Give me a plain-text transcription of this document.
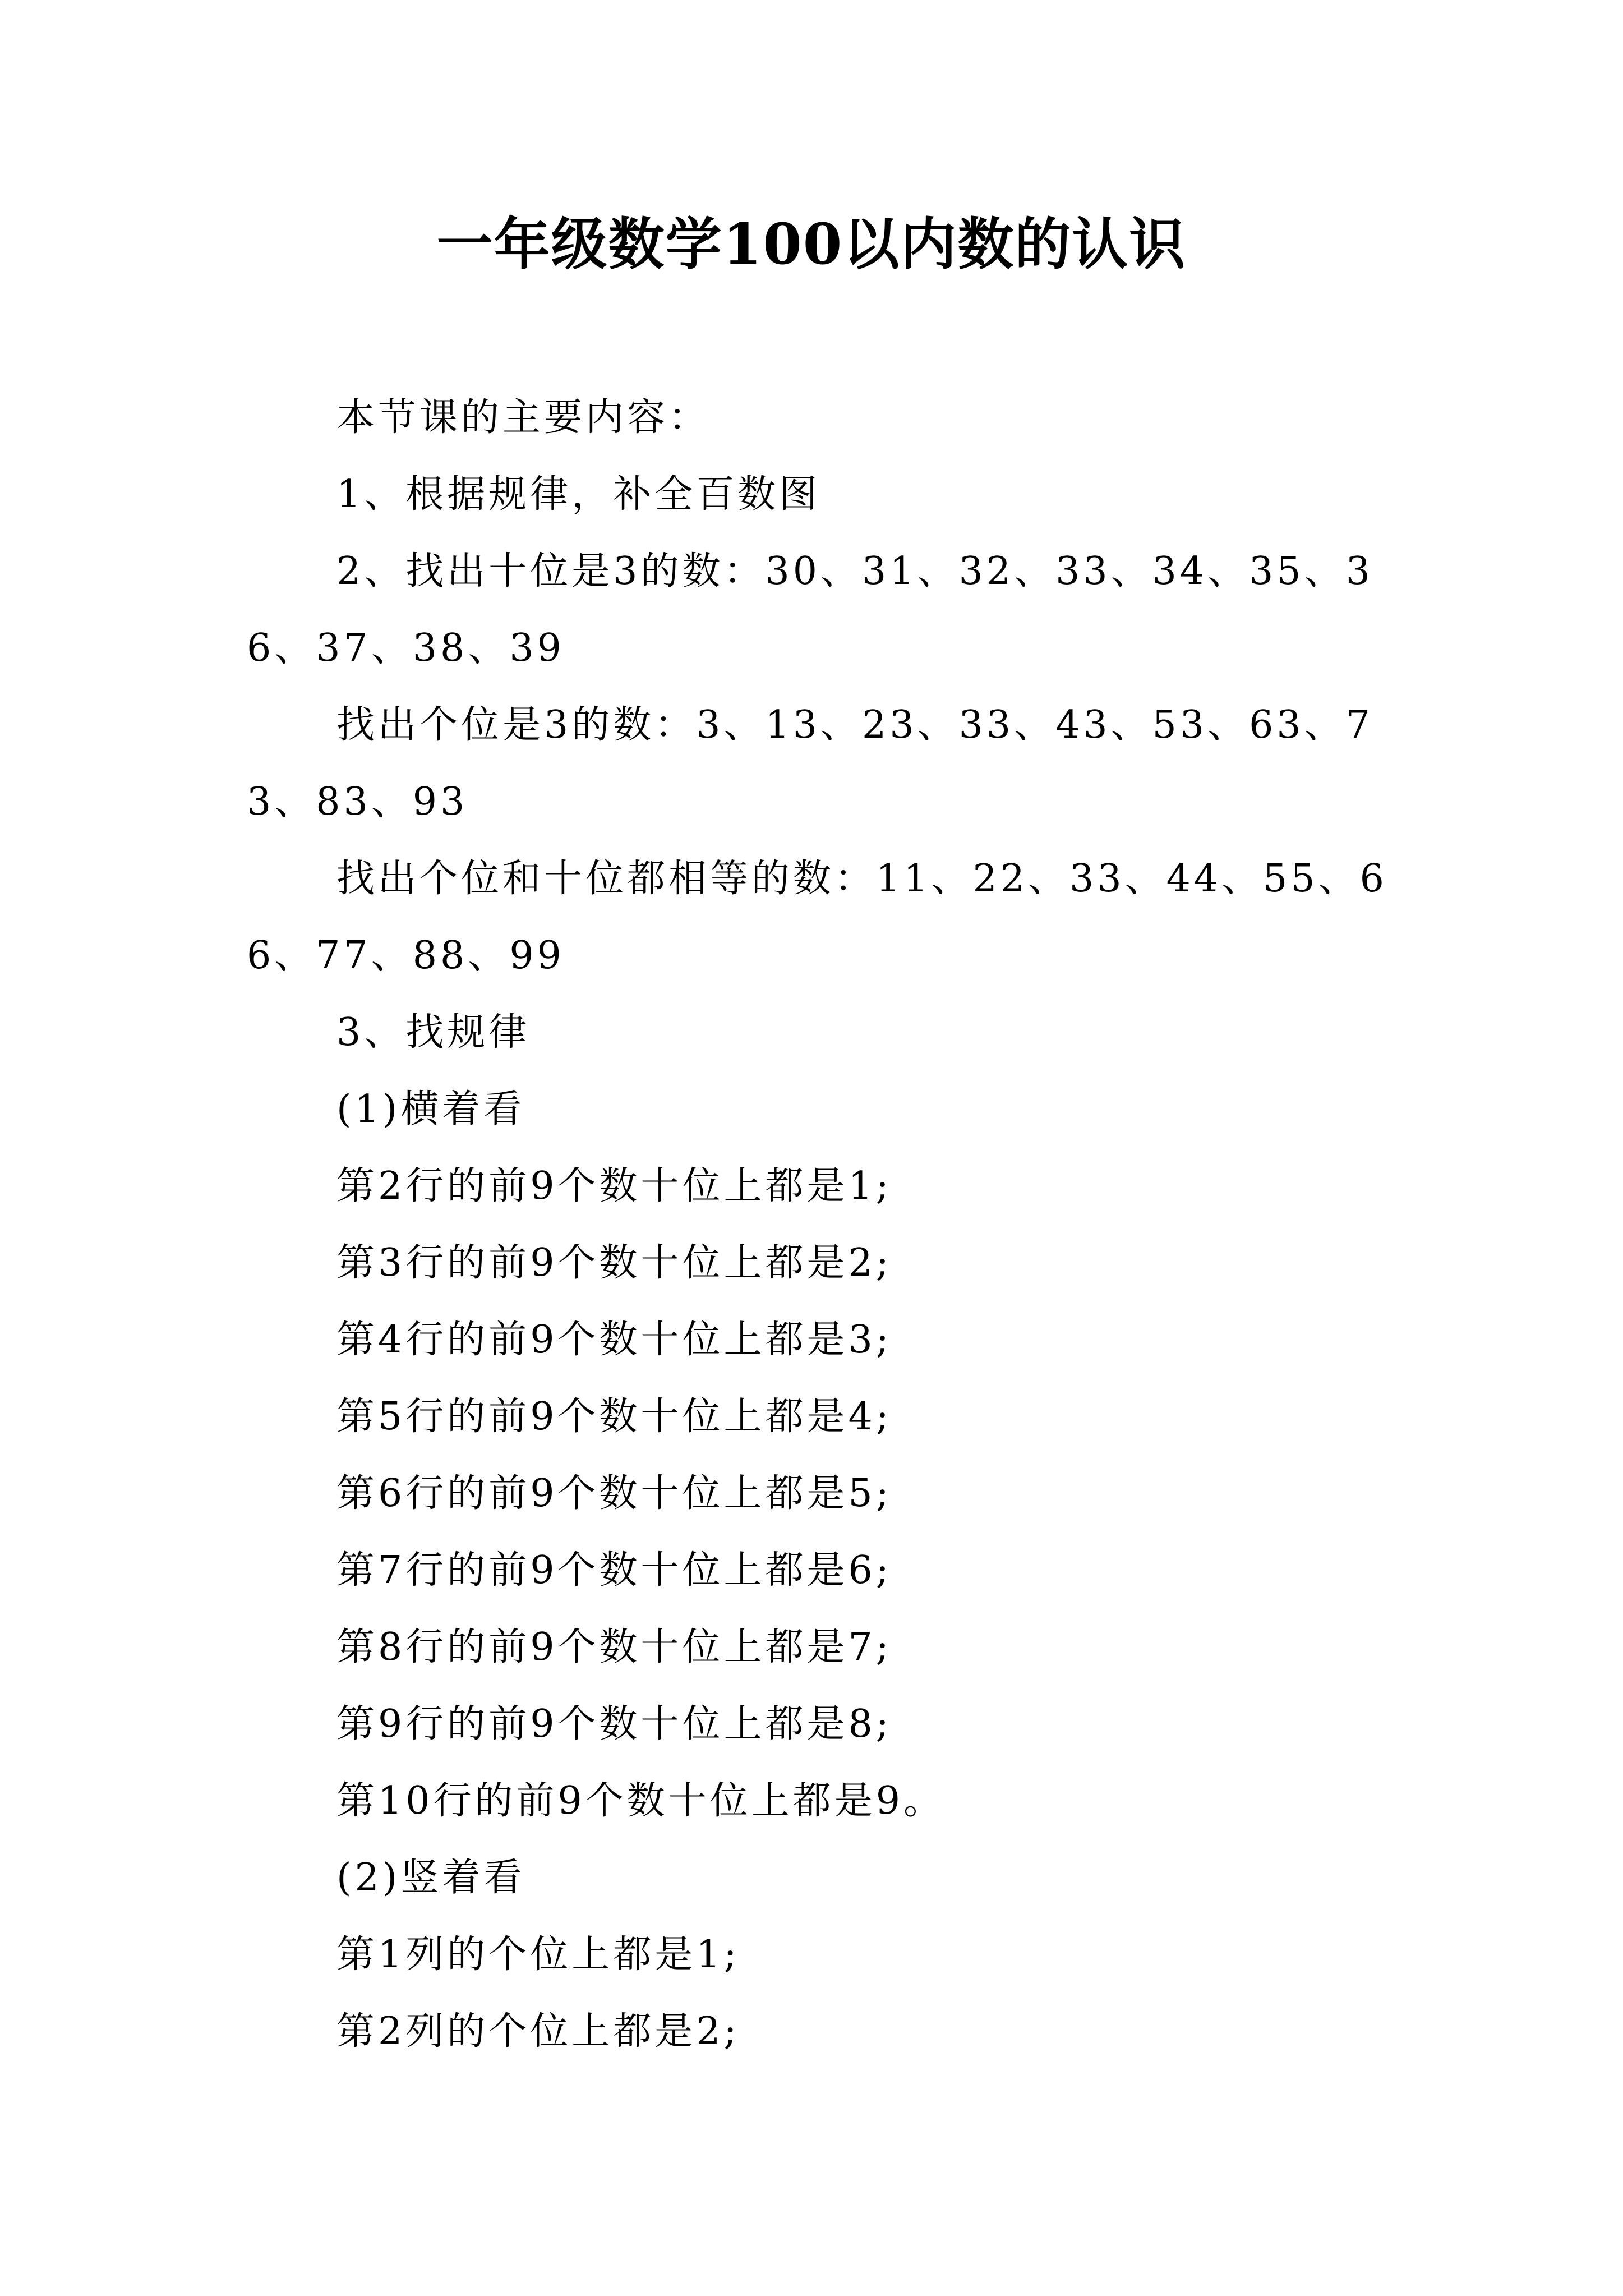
一年级数学100以内数的认识

本节课的主要内容：

1、根据规律，补全百数图

2、找出十位是3的数：30、31、32、33、34、35、36、37、38、39

找出个位是3的数：3、13、23、33、43、53、63、73、83、93

找出个位和十位都相等的数：11、22、33、44、55、66、77、88、99

3、找规律

(1)横着看

第2行的前9个数十位上都是1;

第3行的前9个数十位上都是2;

第4行的前9个数十位上都是3;

第5行的前9个数十位上都是4;

第6行的前9个数十位上都是5;

第7行的前9个数十位上都是6;

第8行的前9个数十位上都是7;

第9行的前9个数十位上都是8;

第10行的前9个数十位上都是9。

(2)竖着看

第1列的个位上都是1;

第2列的个位上都是2;
